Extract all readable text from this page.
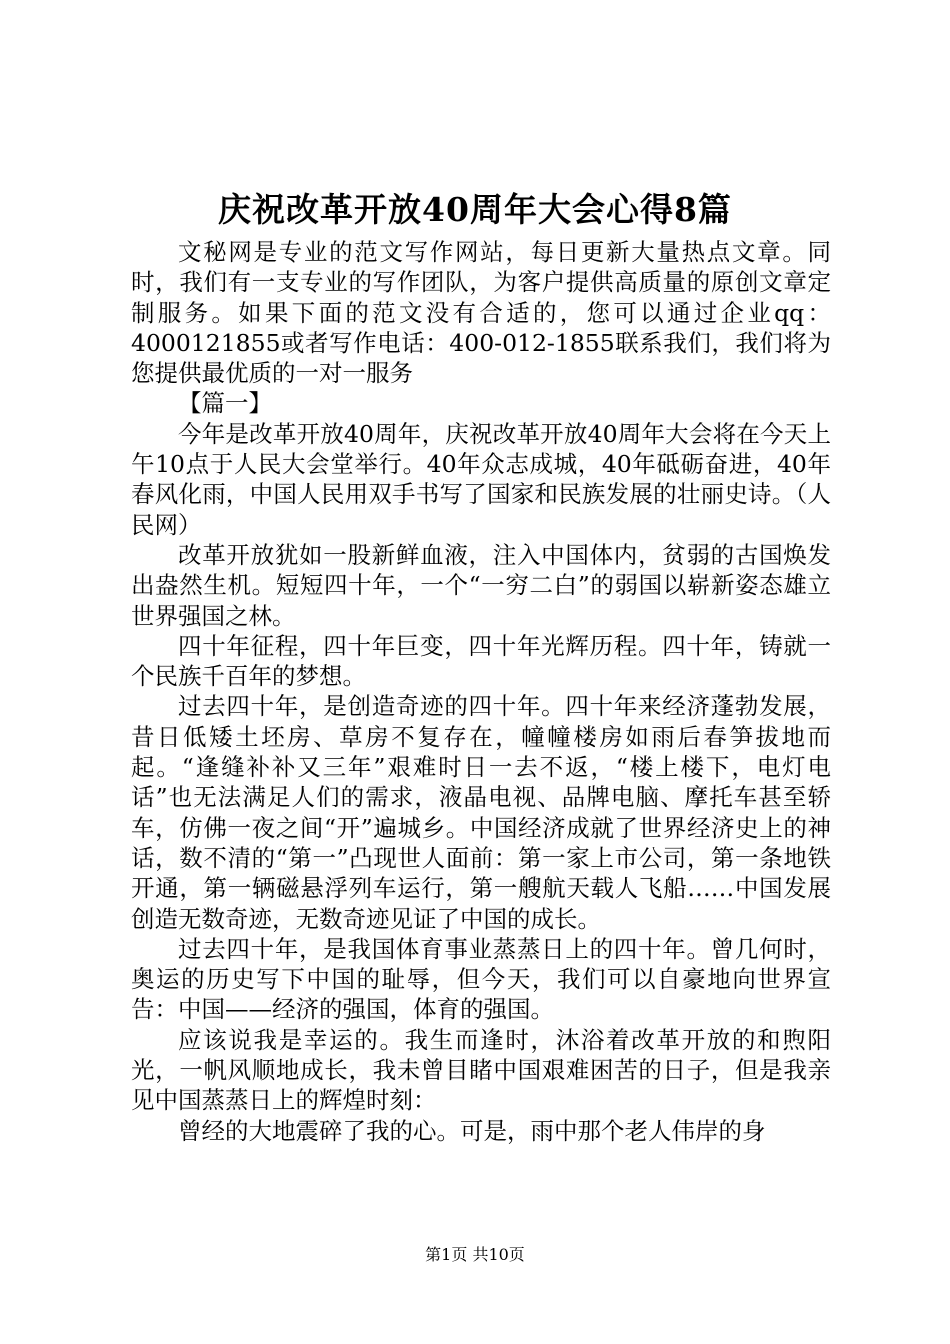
庆祝改革开放40周年大会心得8篇

文秘网是专业的范文写作网站，每日更新大量热点文章。同时，我们有一支专业的写作团队，为客户提供高质量的原创文章定制服务。如果下面的范文没有合适的，您可以通过企业qq：4000121855或者写作电话：400-012-1855联系我们，我们将为您提供最优质的一对一服务

【篇一】

今年是改革开放40周年，庆祝改革开放40周年大会将在今天上午10点于人民大会堂举行。40年众志成城，40年砥砺奋进，40年春风化雨，中国人民用双手书写了国家和民族发展的壮丽史诗。（人民网）

改革开放犹如一股新鲜血液，注入中国体内，贫弱的古国焕发出盎然生机。短短四十年，一个“一穷二白”的弱国以崭新姿态雄立世界强国之林。

四十年征程，四十年巨变，四十年光辉历程。四十年，铸就一个民族千百年的梦想。

过去四十年，是创造奇迹的四十年。四十年来经济蓬勃发展，昔日低矮土坯房、草房不复存在，幢幢楼房如雨后春笋拔地而起。“逢缝补补又三年”艰难时日一去不返，“楼上楼下，电灯电话”也无法满足人们的需求，液晶电视、品牌电脑、摩托车甚至轿车，仿佛一夜之间“开”遍城乡。中国经济成就了世界经济史上的神话，数不清的“第一”凸现世人面前：第一家上市公司，第一条地铁开通，第一辆磁悬浮列车运行，第一艘航天载人飞船……中国发展创造无数奇迹，无数奇迹见证了中国的成长。

过去四十年，是我国体育事业蒸蒸日上的四十年。曾几何时，奥运的历史写下中国的耻辱，但今天，我们可以自豪地向世界宣告：中国——经济的强国，体育的强国。

应该说我是幸运的。我生而逢时，沐浴着改革开放的和煦阳光，一帆风顺地成长，我未曾目睹中国艰难困苦的日子，但是我亲见中国蒸蒸日上的辉煌时刻：

曾经的大地震碎了我的心。可是，雨中那个老人伟岸的身

第1页 共10页
